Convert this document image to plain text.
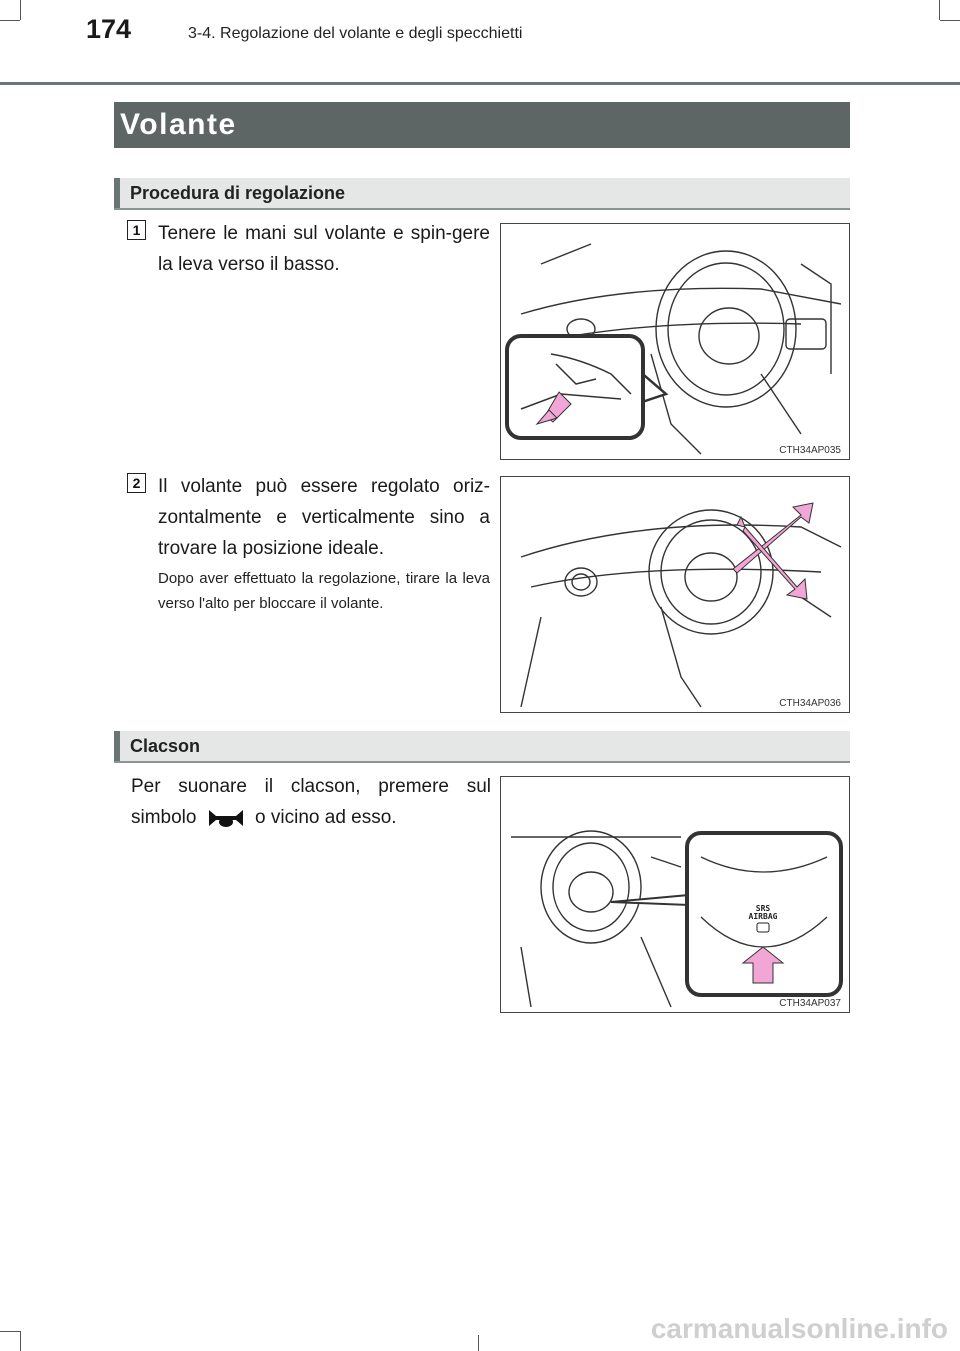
174	3-4. Regolazione del volante e degli specchietti
Volante
Procedura di regolazione
1 Tenere le mani sul volante e spin-gere la leva verso il basso.
CTH34AP035
2 Il volante può essere regolato oriz-zontalmente e verticalmente sino a trovare la posizione ideale.
Dopo aver effettuato la regolazione, tirare la leva verso l'alto per bloccare il volante.
CTH34AP036
Clacson
Per suonare il clacson, premere sul simbolo	o vicino ad esso.
SRS
AIRBAG
CTH34AP037
carmanualsonline.info
